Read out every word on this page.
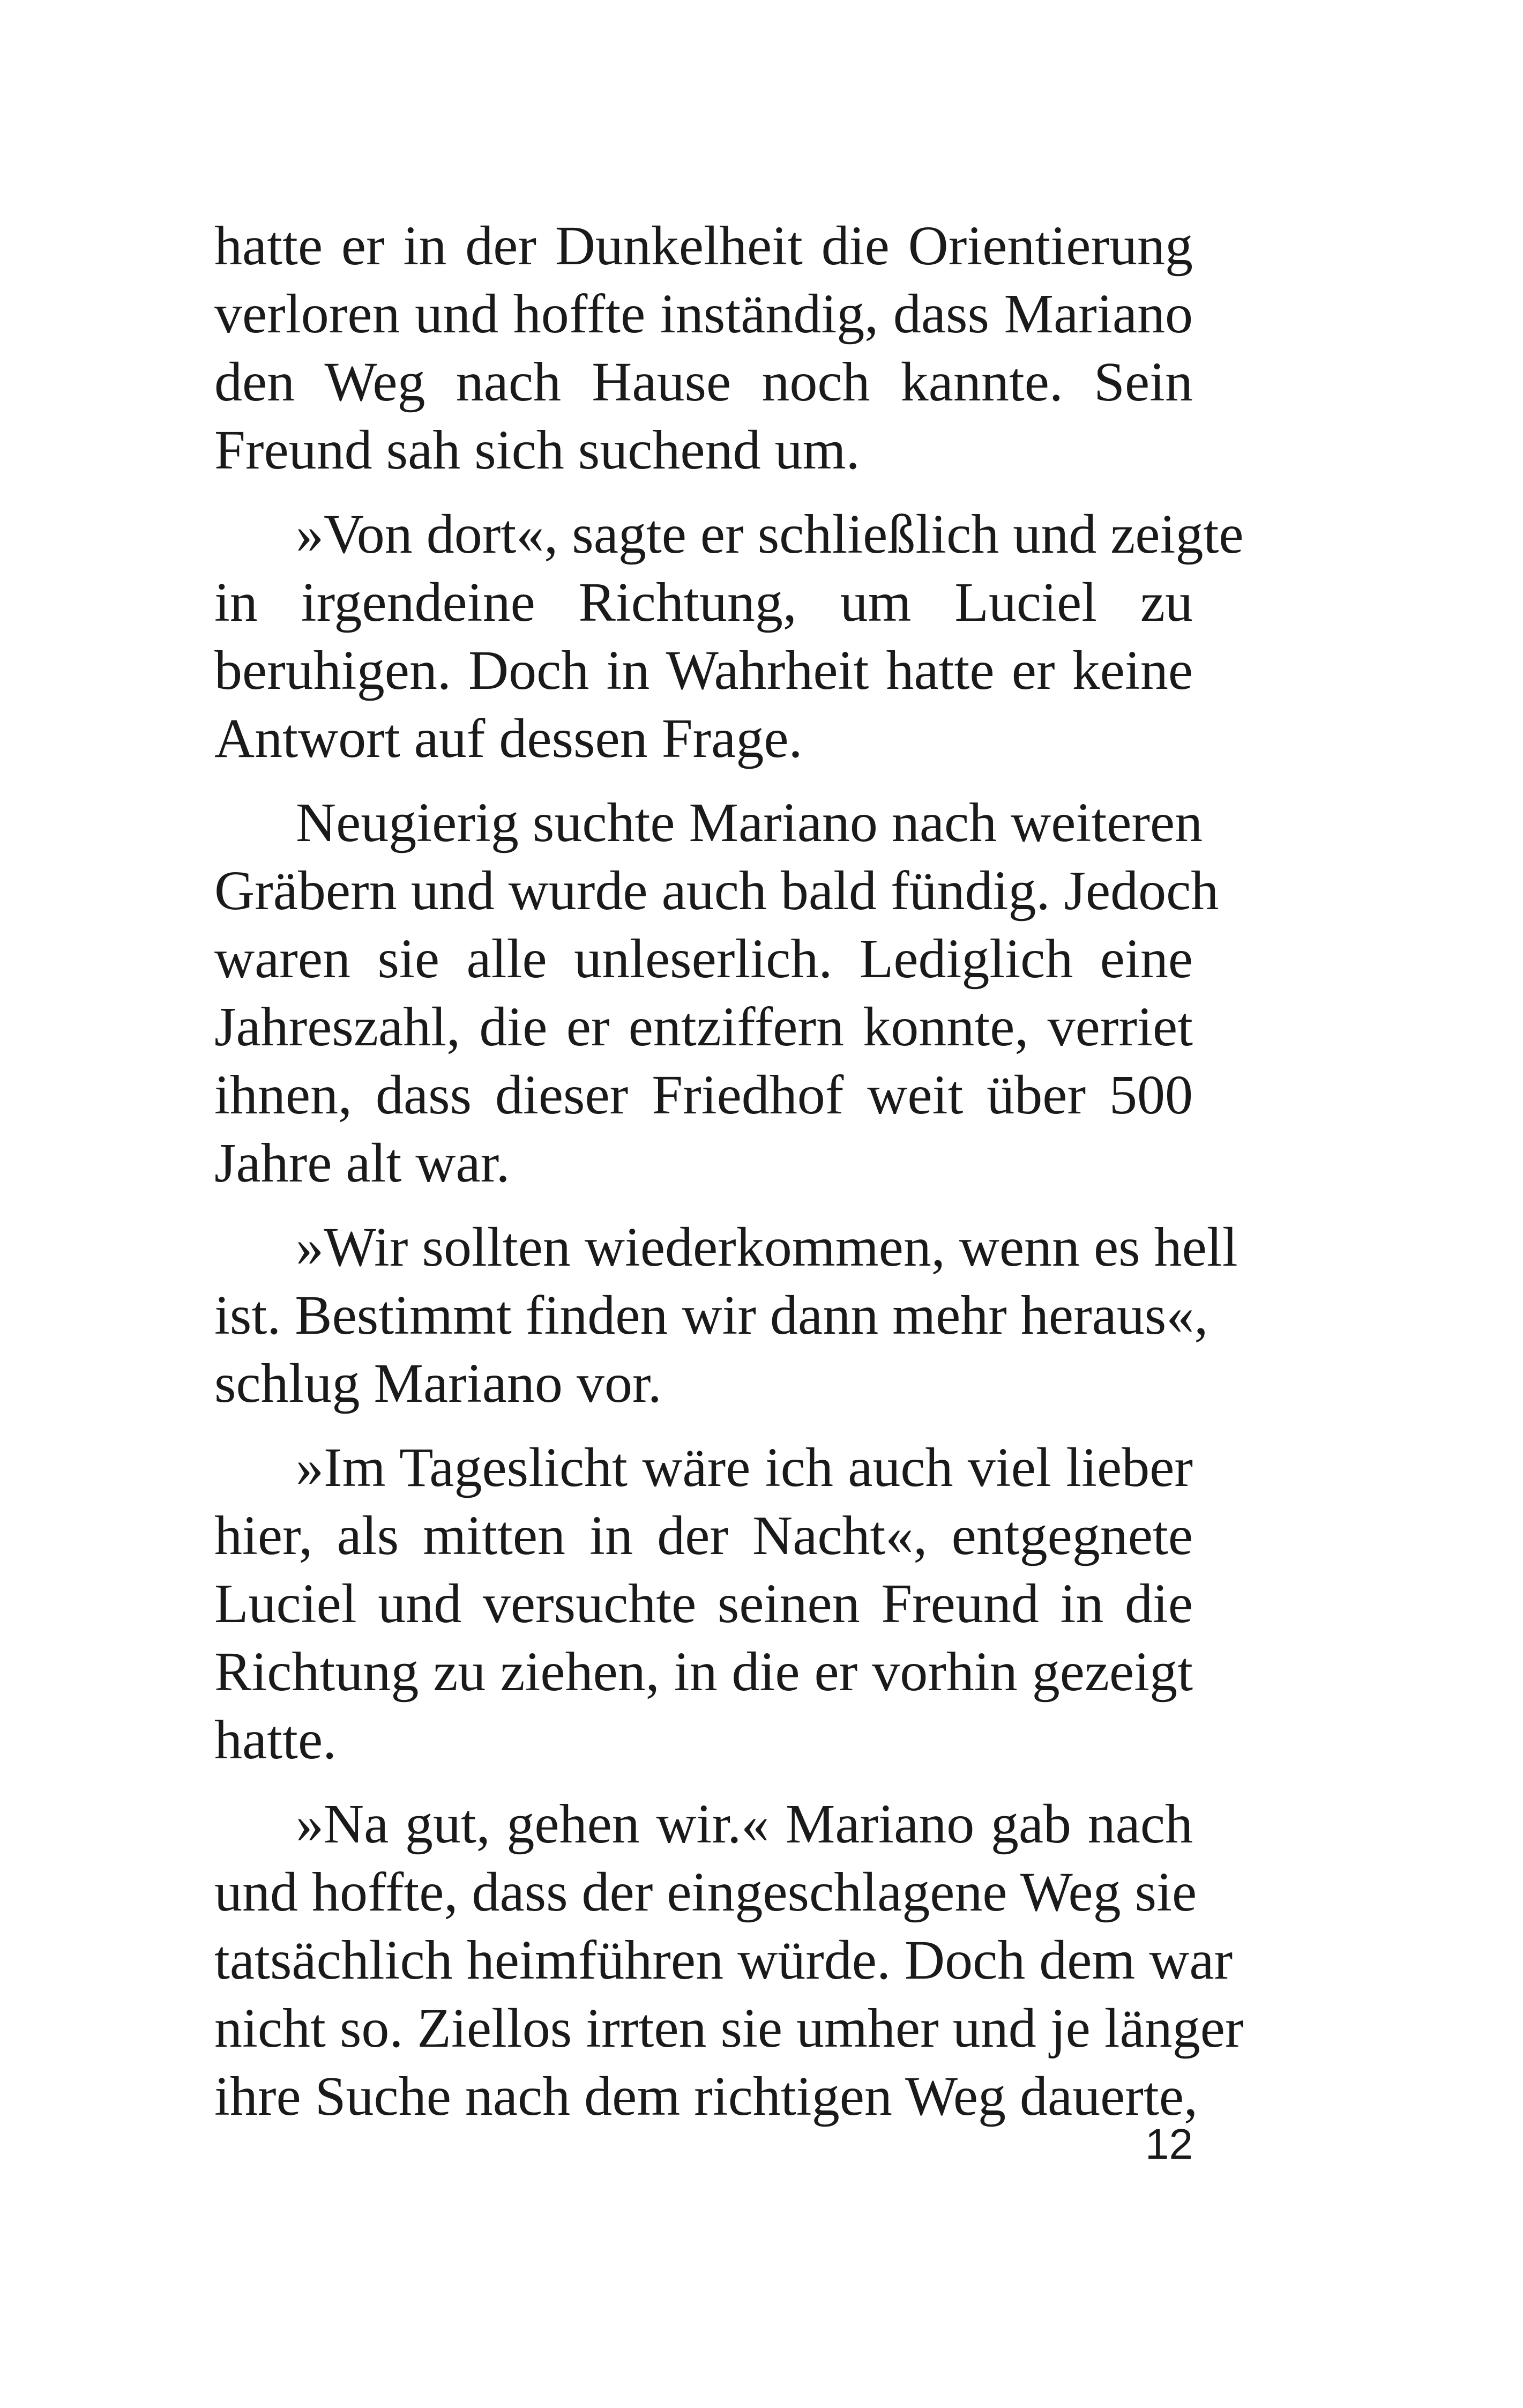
hatte er in der Dunkelheit die Orientierung
verloren und hoffte inständig, dass Mariano
den Weg nach Hause noch kannte. Sein
Freund sah sich suchend um.
»Von dort«, sagte er schließlich und zeigte
in irgendeine Richtung, um Luciel zu
beruhigen. Doch in Wahrheit hatte er keine
Antwort auf dessen Frage.
Neugierig suchte Mariano nach weiteren
Gräbern und wurde auch bald fündig. Jedoch
waren sie alle unleserlich. Lediglich eine
Jahreszahl, die er entziffern konnte, verriet
ihnen, dass dieser Friedhof weit über 500
Jahre alt war.
»Wir sollten wiederkommen, wenn es hell
ist. Bestimmt finden wir dann mehr heraus«,
schlug Mariano vor.
»Im Tageslicht wäre ich auch viel lieber
hier, als mitten in der Nacht«, entgegnete
Luciel und versuchte seinen Freund in die
Richtung zu ziehen, in die er vorhin gezeigt
hatte.
»Na gut, gehen wir.« Mariano gab nach
und hoffte, dass der eingeschlagene Weg sie
tatsächlich heimführen würde. Doch dem war
nicht so. Ziellos irrten sie umher und je länger
ihre Suche nach dem richtigen Weg dauerte,
12
